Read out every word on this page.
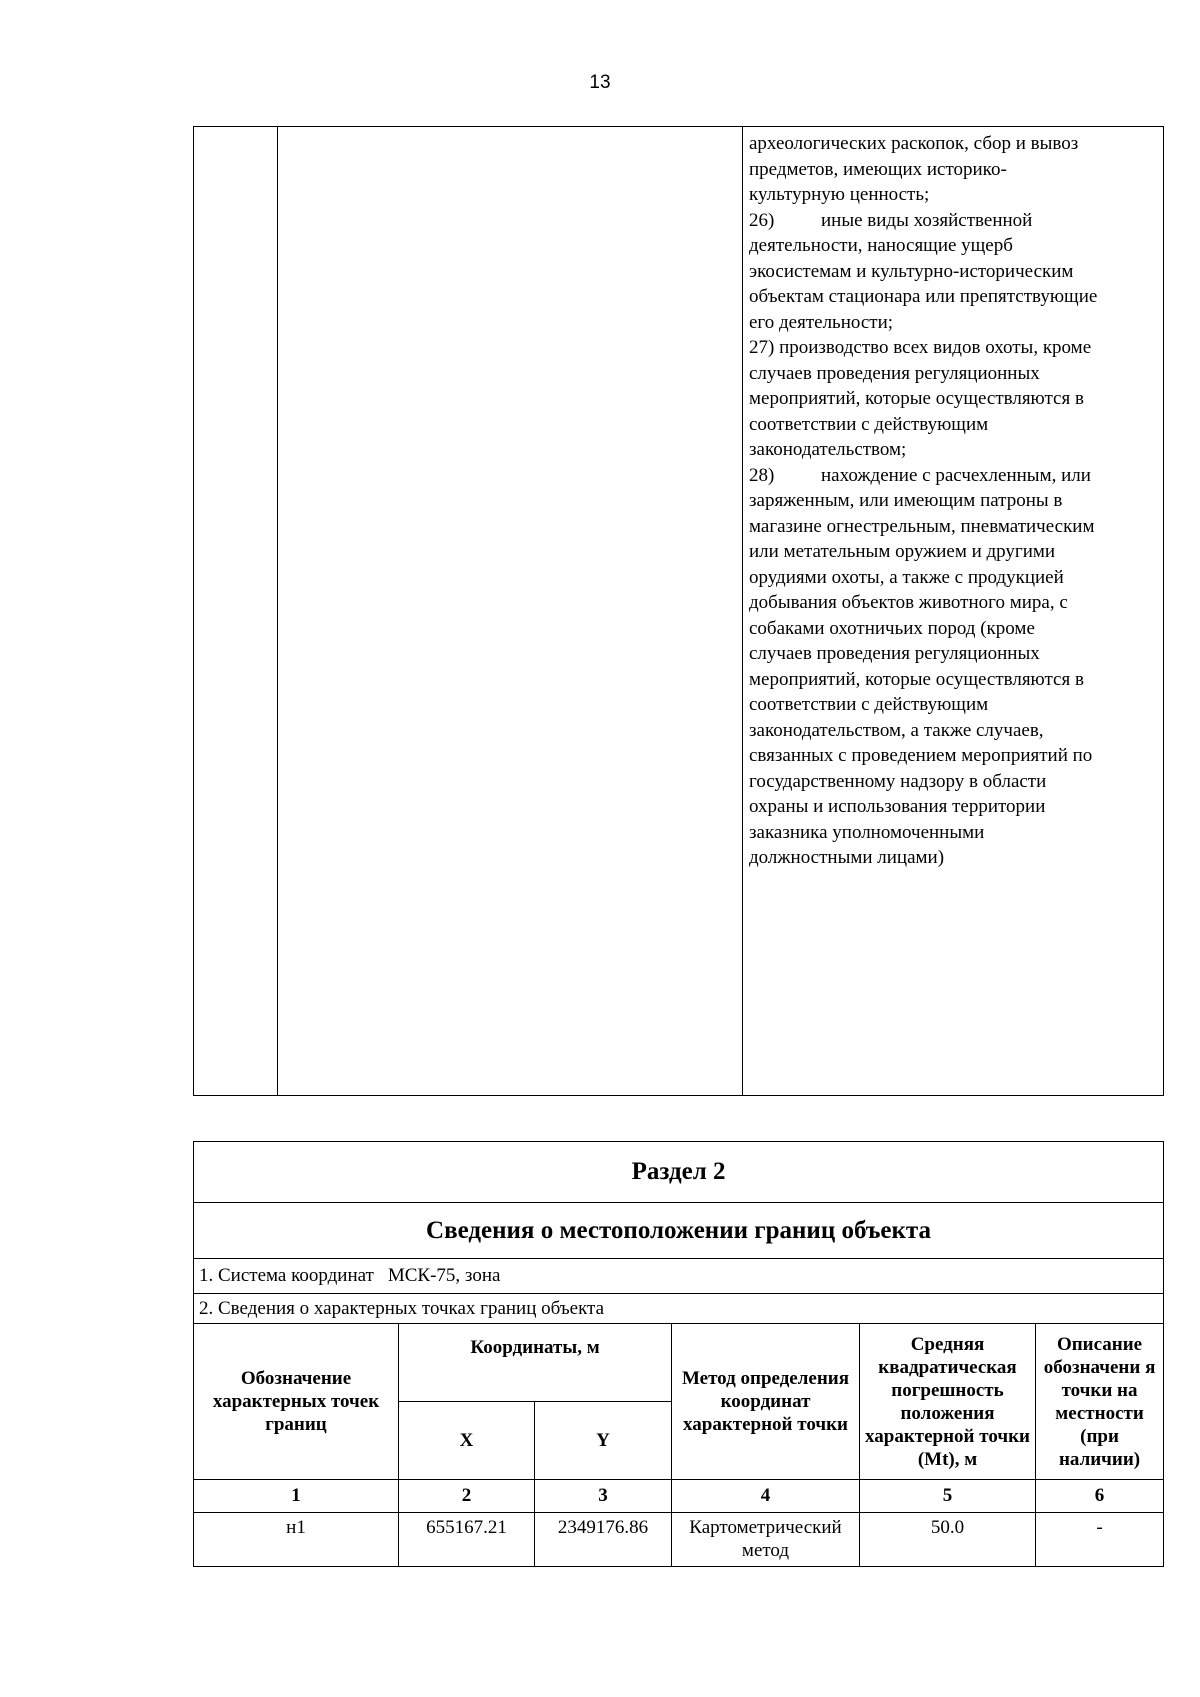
13

археологических раскопок, сбор и вывоз

предметов, имеющих историко-

культурную ценность;

26) иные виды хозяйственной

деятельности, наносящие ущерб

экосистемам и культурно-историческим

объектам стационара или препятствующие

его деятельности;

27) производство всех видов охоты, кроме

случаев проведения регуляционных

мероприятий, которые осуществляются в

соответствии с действующим

законодательством;

28) нахождение с расчехленным, или

заряженным, или имеющим патроны в

магазине огнестрельным, пневматическим

или метательным оружием и другими

орудиями охоты, а также с продукцией

добывания объектов животного мира, с

собаками охотничьих пород (кроме

случаев проведения регуляционных

мероприятий, которые осуществляются в

соответствии с действующим

законодательством, а также случаев,

связанных с проведением мероприятий по

государственному надзору в области

охраны и использования территории

заказника уполномоченными

должностными лицами)

Раздел 2					
Сведения о местоположении границ объекта					
1. Система координат МСК-75, зона					
2. Сведения о характерных точках границ объекта					
Обозначение характерных точек границ	Координаты, м		Метод определения координат характерной точки	Средняя квадратическая погрешность положения характерной точки (Mt), м	Описание обозначени я точки на местности (при наличии)
	X	Y			
1	2	3	4	5	6
н1	655167.21	2349176.86	Картометрический метод	50.0	-
